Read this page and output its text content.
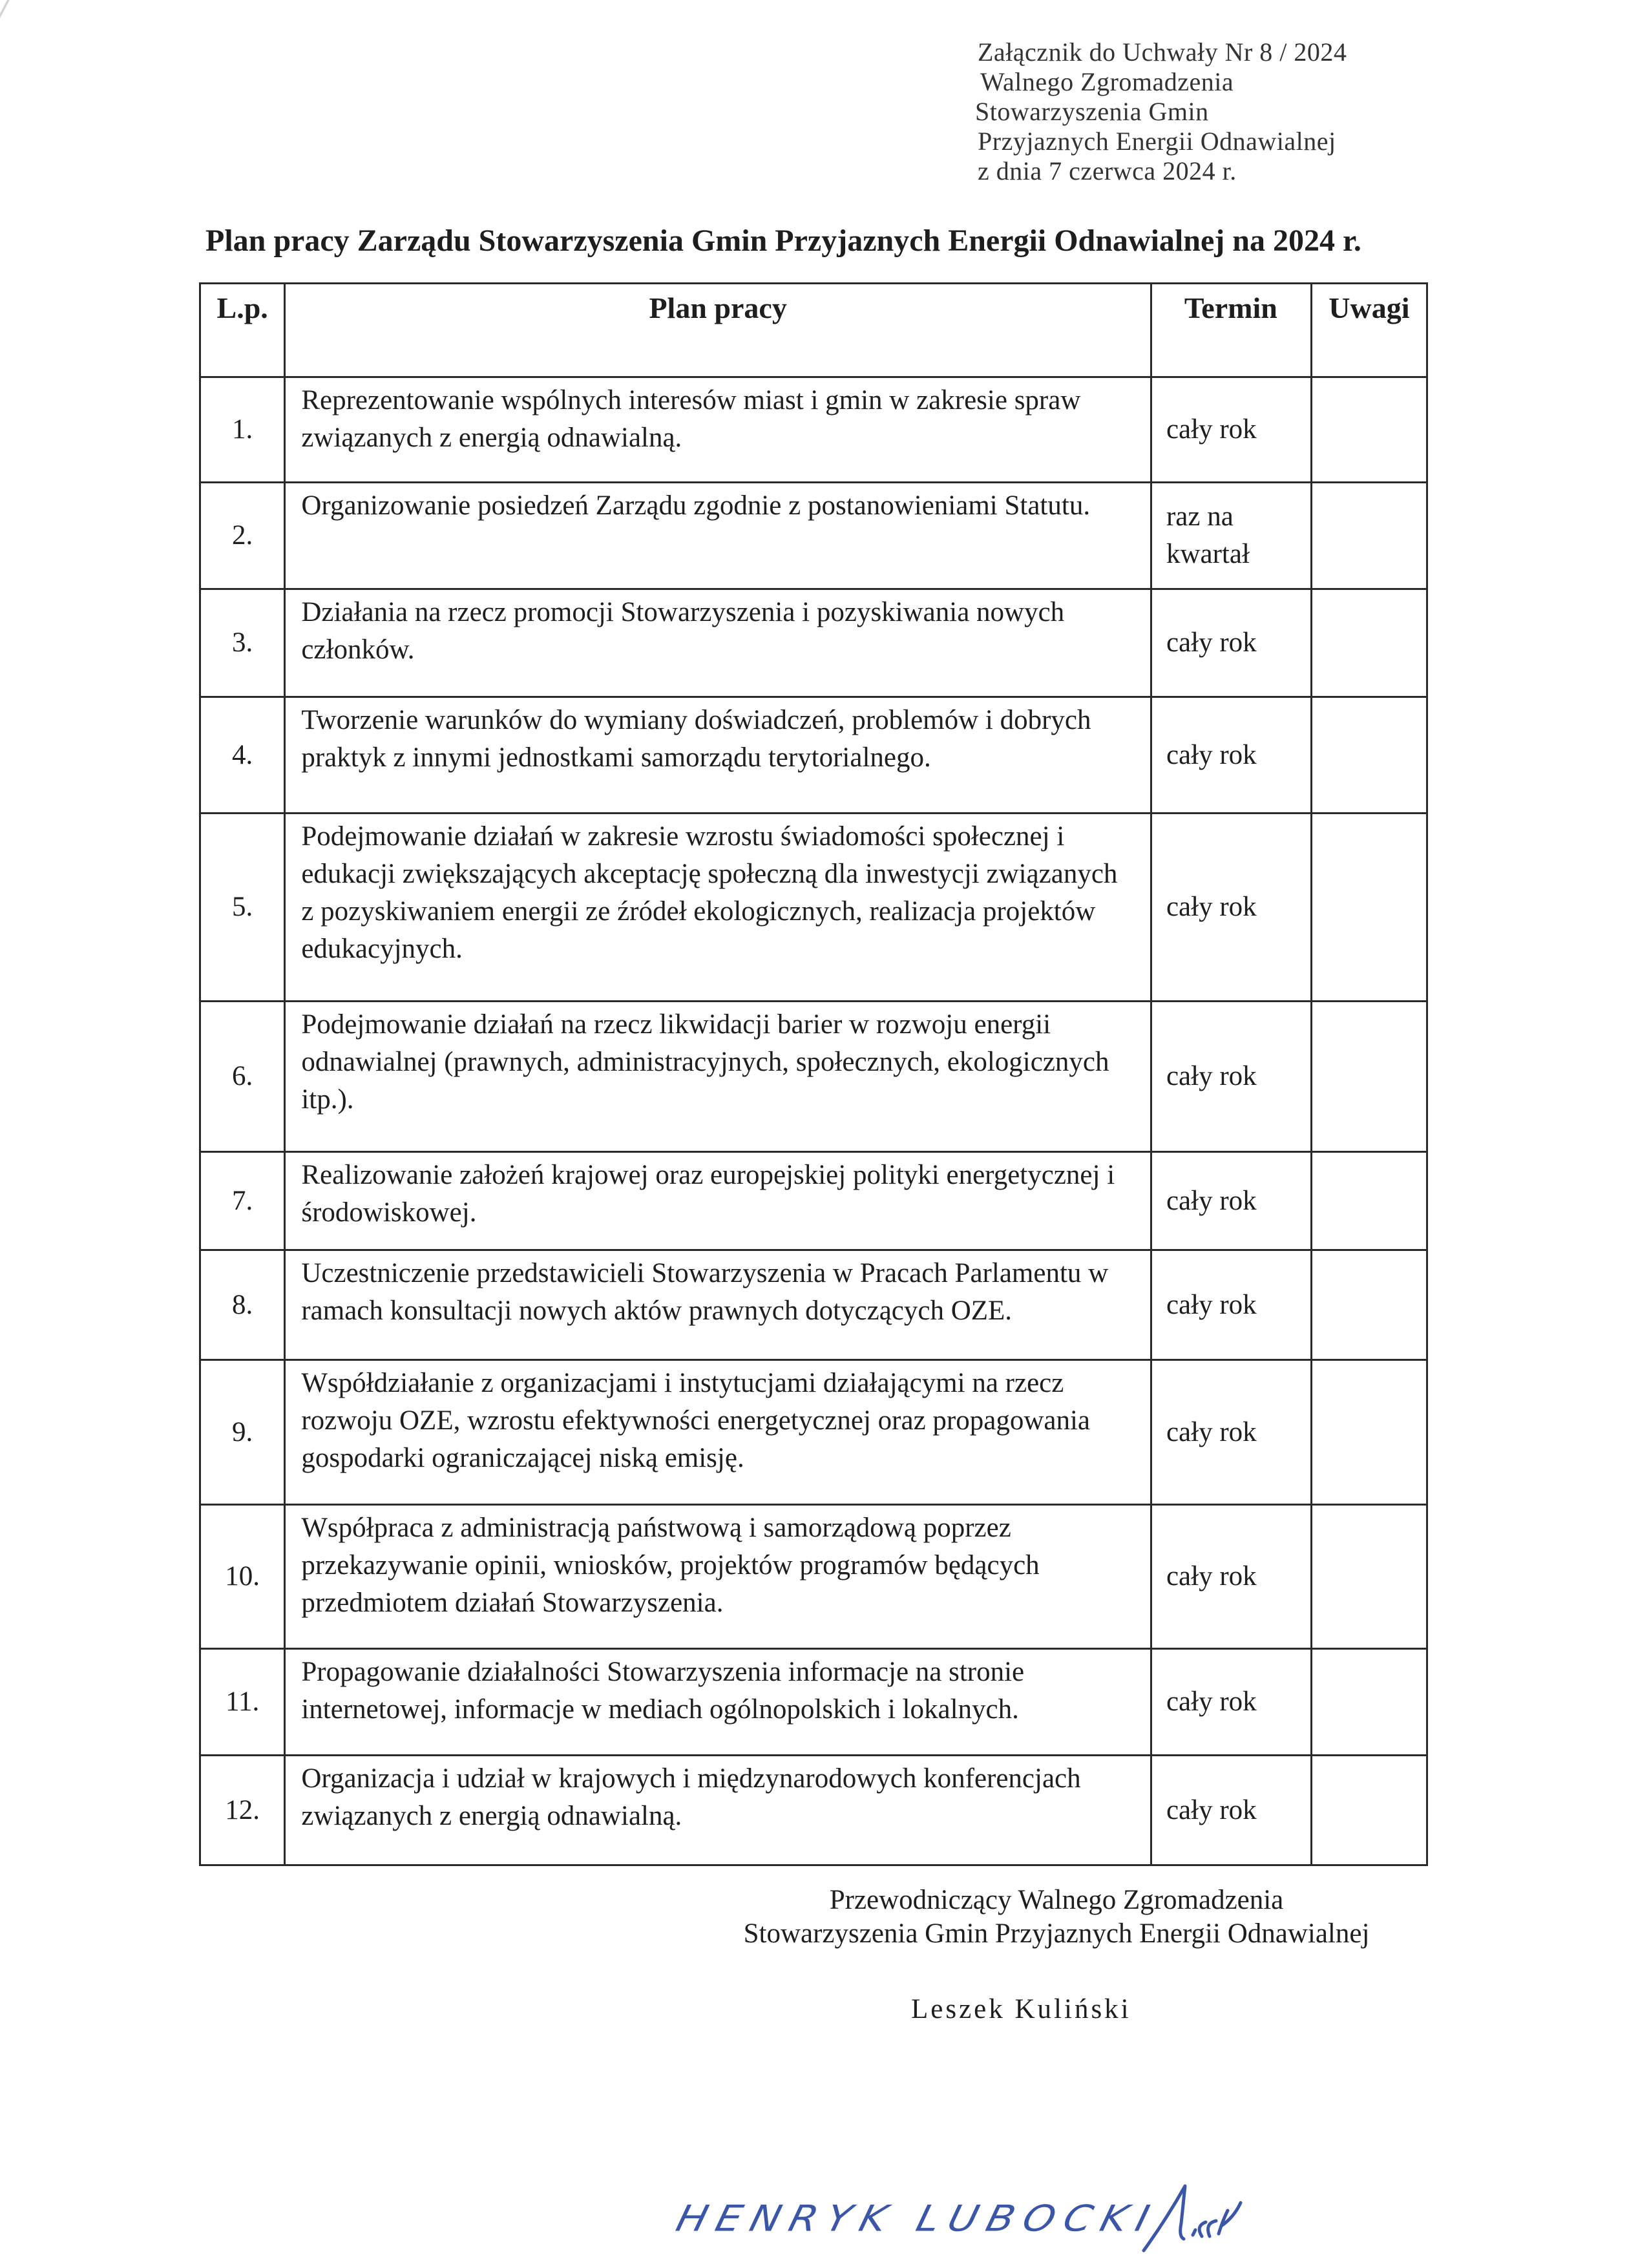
Załącznik do Uchwały Nr 8 / 2024
Walnego Zgromadzenia
Stowarzyszenia Gmin
Przyjaznych Energii Odnawialnej
z dnia 7 czerwca 2024 r.
Plan pracy Zarządu Stowarzyszenia Gmin Przyjaznych Energii Odnawialnej na 2024 r.
L.p.	Plan pracy	Termin	Uwagi
1.	Reprezentowanie wspólnych interesów miast i gmin w zakresie spraw związanych z energią odnawialną.	cały rok	
2.	Organizowanie posiedzeń Zarządu zgodnie z postanowieniami Statutu.	raz na kwartał	
3.	Działania na rzecz promocji Stowarzyszenia i pozyskiwania nowych członków.	cały rok	
4.	Tworzenie warunków do wymiany doświadczeń, problemów i dobrych praktyk z innymi jednostkami samorządu terytorialnego.	cały rok	
5.	Podejmowanie działań w zakresie wzrostu świadomości społecznej i edukacji zwiększających akceptację społeczną dla inwestycji związanych z pozyskiwaniem energii ze źródeł ekologicznych, realizacja projektów edukacyjnych.	cały rok	
6.	Podejmowanie działań na rzecz likwidacji barier w rozwoju energii odnawialnej (prawnych, administracyjnych, społecznych, ekologicznych itp.).	cały rok	
7.	Realizowanie założeń krajowej oraz europejskiej polityki energetycznej i środowiskowej.	cały rok	
8.	Uczestniczenie przedstawicieli Stowarzyszenia w Pracach Parlamentu w ramach konsultacji nowych aktów prawnych dotyczących OZE.	cały rok	
9.	Współdziałanie z organizacjami i instytucjami działającymi na rzecz rozwoju OZE, wzrostu efektywności energetycznej oraz propagowania gospodarki ograniczającej niską emisję.	cały rok	
10.	Współpraca z administracją państwową i samorządową poprzez przekazywanie opinii, wniosków, projektów programów będących przedmiotem działań Stowarzyszenia.	cały rok	
11.	Propagowanie działalności Stowarzyszenia informacje na stronie internetowej, informacje w mediach ogólnopolskich i lokalnych.	cały rok	
12.	Organizacja i udział w krajowych i międzynarodowych konferencjach związanych z energią odnawialną.	cały rok	
Przewodniczący Walnego Zgromadzenia
Stowarzyszenia Gmin Przyjaznych Energii Odnawialnej
Leszek Kuliński
HENRYK LUBOCKI
